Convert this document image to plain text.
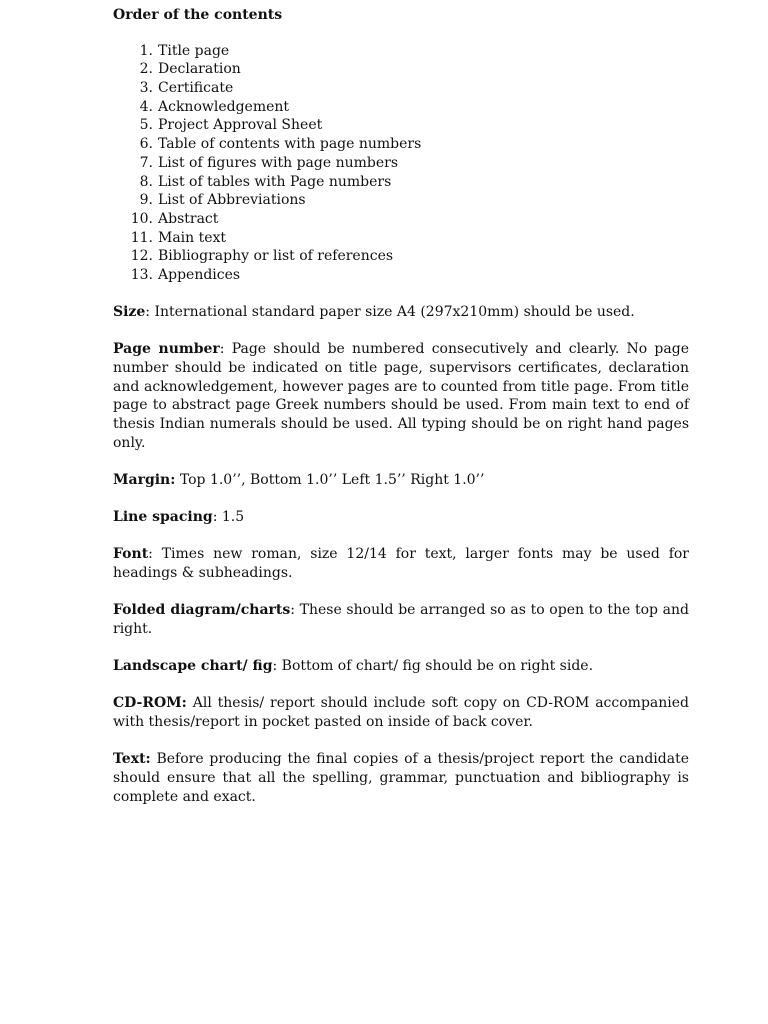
Order of the contents
1. Title page
2. Declaration
3. Certificate
4. Acknowledgement
5. Project Approval Sheet
6. Table of contents with page numbers
7. List of figures with page numbers
8. List of tables with Page numbers
9. List of Abbreviations
10. Abstract
11. Main text
12. Bibliography or list of references
13. Appendices

Size: International standard paper size A4 (297x210mm) should be used.

Page number: Page should be numbered consecutively and clearly. No page number should be indicated on title page, supervisors certificates, declaration and acknowledgement, however pages are to counted from title page. From title page to abstract page Greek numbers should be used. From main text to end of thesis Indian numerals should be used. All typing should be on right hand pages only.

Margin: Top 1.0’’, Bottom 1.0’’ Left 1.5’’ Right 1.0’’

Line spacing: 1.5

Font: Times new roman, size 12/14 for text, larger fonts may be used for headings & subheadings.

Folded diagram/charts: These should be arranged so as to open to the top and right.

Landscape chart/ fig: Bottom of chart/ fig should be on right side.

CD-ROM: All thesis/ report should include soft copy on CD-ROM accompanied with thesis/report in pocket pasted on inside of back cover.

Text: Before producing the final copies of a thesis/project report the candidate should ensure that all the spelling, grammar, punctuation and bibliography is complete and exact.
